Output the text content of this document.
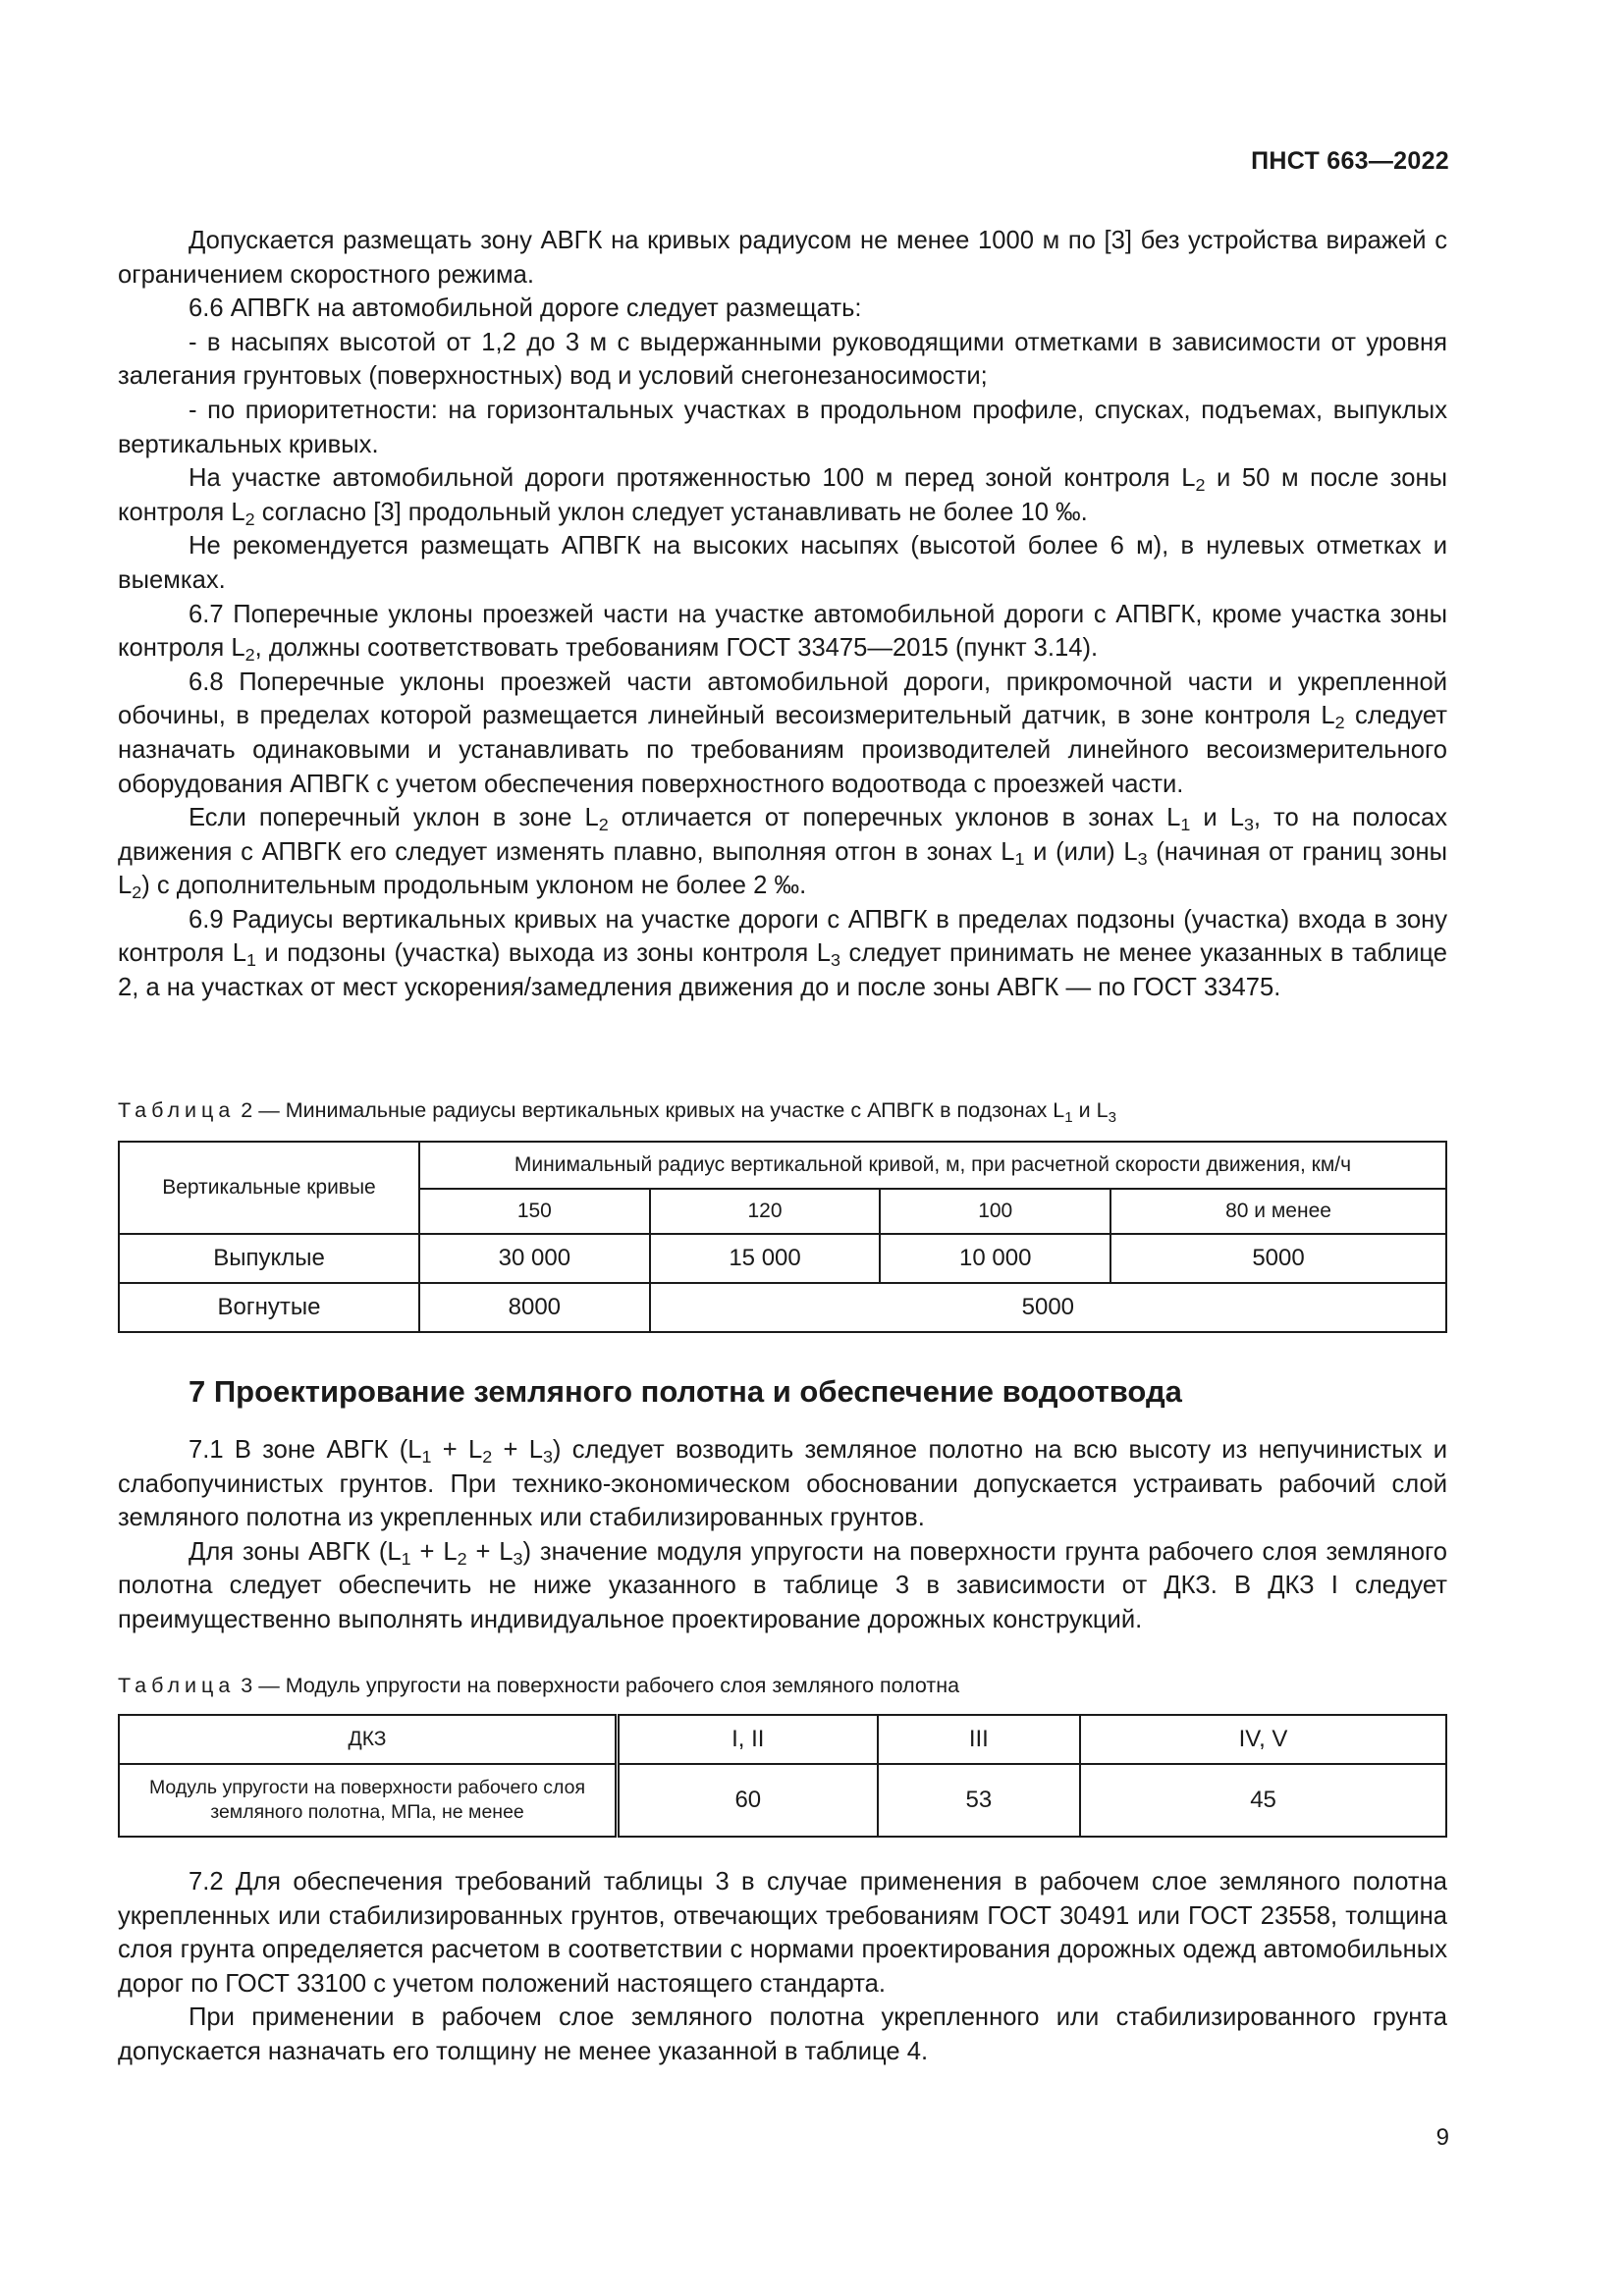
ПНСТ 663—2022

Допускается размещать зону АВГК на кривых радиусом не менее 1000 м по [3] без устройства виражей с ограничением скоростного режима.

6.6 АПВГК на автомобильной дороге следует размещать:

- в насыпях высотой от 1,2 до 3 м с выдержанными руководящими отметками в зависимости от уровня залегания грунтовых (поверхностных) вод и условий снегонезаносимости;

- по приоритетности: на горизонтальных участках в продольном профиле, спусках, подъемах, выпуклых вертикальных кривых.

На участке автомобильной дороги протяженностью 100 м перед зоной контроля $L_2$ и 50 м после зоны контроля $L_2$ согласно [3] продольный уклон следует устанавливать не более 10 ‰.

Не рекомендуется размещать АПВГК на высоких насыпях (высотой более 6 м), в нулевых отметках и выемках.

6.7 Поперечные уклоны проезжей части на участке автомобильной дороги с АПВГК, кроме участка зоны контроля $L_2$, должны соответствовать требованиям ГОСТ 33475—2015 (пункт 3.14).

6.8 Поперечные уклоны проезжей части автомобильной дороги, прикромочной части и укрепленной обочины, в пределах которой размещается линейный весоизмерительный датчик, в зоне контроля $L_2$ следует назначать одинаковыми и устанавливать по требованиям производителей линейного весоизмерительного оборудования АПВГК с учетом обеспечения поверхностного водоотвода с проезжей части.

Если поперечный уклон в зоне $L_2$ отличается от поперечных уклонов в зонах $L_1$ и $L_3$, то на полосах движения с АПВГК его следует изменять плавно, выполняя отгон в зонах $L_1$ и (или) $L_3$ (начиная от границ зоны $L_2$) с дополнительным продольным уклоном не более 2 ‰.

6.9 Радиусы вертикальных кривых на участке дороги с АПВГК в пределах подзоны (участка) входа в зону контроля $L_1$ и подзоны (участка) выхода из зоны контроля $L_3$ следует принимать не менее указанных в таблице 2, а на участках от мест ускорения/замедления движения до и после зоны АВГК — по ГОСТ 33475.

Таблица 2 — Минимальные радиусы вертикальных кривых на участке с АПВГК в подзонах $L_1$ и $L_3$

Вертикальные кривые	Минимальный радиус вертикальной кривой, м, при расчетной скорости движения, км/ч			
	150	120	100	80 и менее
Выпуклые	30 000	15 000	10 000	5000
Вогнутые	8000	5000		
7 Проектирование земляного полотна и обеспечение водоотвода

7.1 В зоне АВГК $(L_1 + L_2 + L_3)$ следует возводить земляное полотно на всю высоту из непучинистых и слабопучинистых грунтов. При технико-экономическом обосновании допускается устраивать рабочий слой земляного полотна из укрепленных или стабилизированных грунтов.

Для зоны АВГК $(L_1 + L_2 + L_3)$ значение модуля упругости на поверхности грунта рабочего слоя земляного полотна следует обеспечить не ниже указанного в таблице 3 в зависимости от ДКЗ. В ДКЗ I следует преимущественно выполнять индивидуальное проектирование дорожных конструкций.

Таблица 3 — Модуль упругости на поверхности рабочего слоя земляного полотна

ДКЗ	I, II	III	IV, V
Модуль упругости на поверхности рабочего слоя земляного полотна, МПа, не менее	60	53	45

7.2 Для обеспечения требований таблицы 3 в случае применения в рабочем слое земляного полотна укрепленных или стабилизированных грунтов, отвечающих требованиям ГОСТ 30491 или ГОСТ 23558, толщина слоя грунта определяется расчетом в соответствии с нормами проектирования дорожных одежд автомобильных дорог по ГОСТ 33100 с учетом положений настоящего стандарта.

При применении в рабочем слое земляного полотна укрепленного или стабилизированного грунта допускается назначать его толщину не менее указанной в таблице 4.

9
